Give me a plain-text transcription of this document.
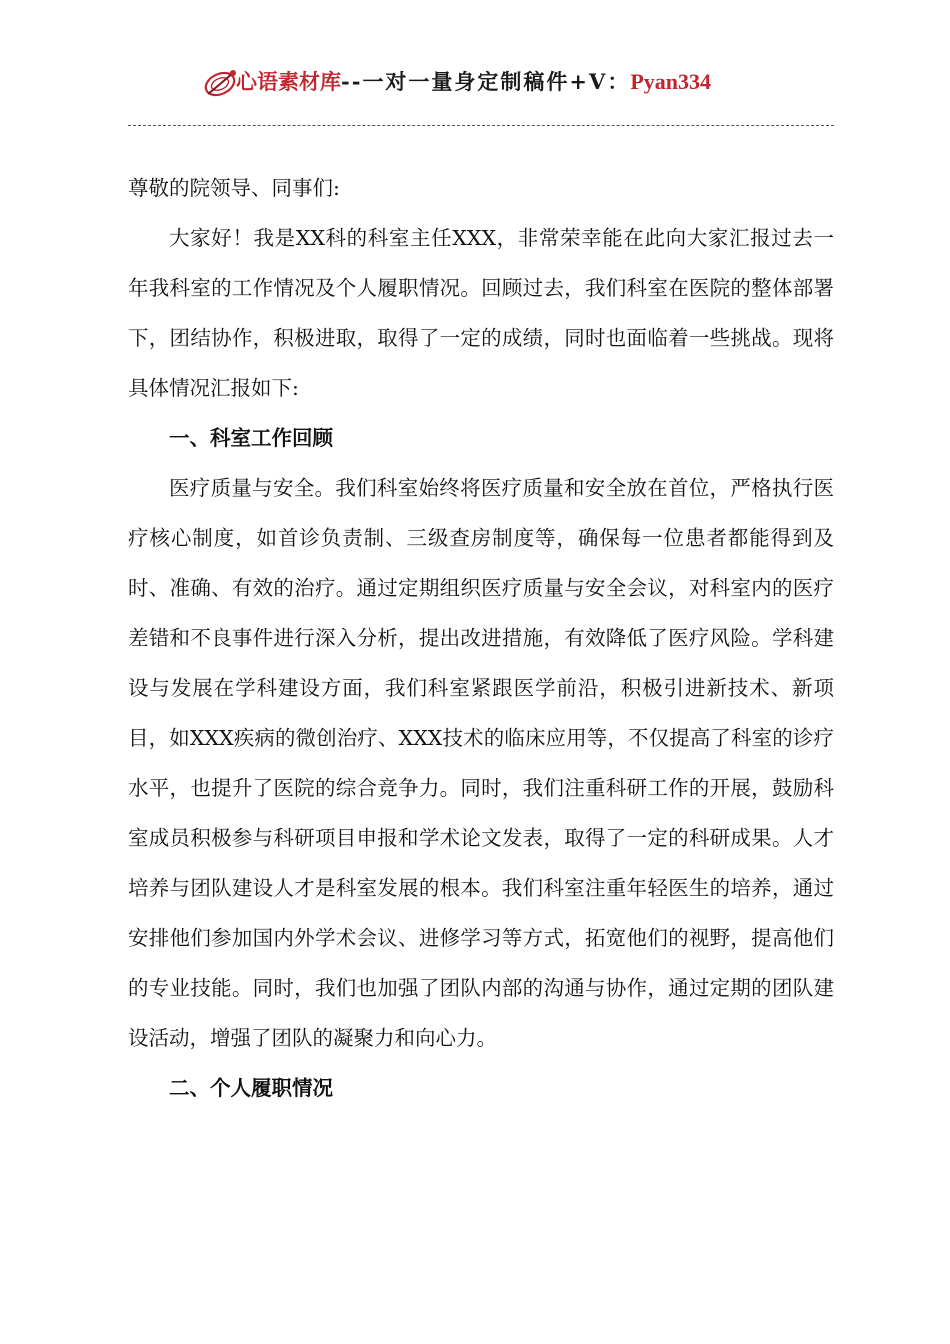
心语素材库--一对一量身定制稿件+V：Pyan334

尊敬的院领导、同事们:

大家好！我是XX科的科室主任XXX，非常荣幸能在此向大家汇报过去一年我科室的工作情况及个人履职情况。回顾过去，我们科室在医院的整体部署下，团结协作，积极进取，取得了一定的成绩，同时也面临着一些挑战。现将具体情况汇报如下:

一、科室工作回顾

医疗质量与安全。我们科室始终将医疗质量和安全放在首位，严格执行医疗核心制度，如首诊负责制、三级查房制度等，确保每一位患者都能得到及时、准确、有效的治疗。通过定期组织医疗质量与安全会议，对科室内的医疗差错和不良事件进行深入分析，提出改进措施，有效降低了医疗风险。学科建设与发展在学科建设方面，我们科室紧跟医学前沿，积极引进新技术、新项目，如XXX疾病的微创治疗、XXX技术的临床应用等，不仅提高了科室的诊疗水平，也提升了医院的综合竞争力。同时，我们注重科研工作的开展，鼓励科室成员积极参与科研项目申报和学术论文发表，取得了一定的科研成果。人才培养与团队建设人才是科室发展的根本。我们科室注重年轻医生的培养，通过安排他们参加国内外学术会议、进修学习等方式，拓宽他们的视野，提高他们的专业技能。同时，我们也加强了团队内部的沟通与协作，通过定期的团队建设活动，增强了团队的凝聚力和向心力。

二、个人履职情况
